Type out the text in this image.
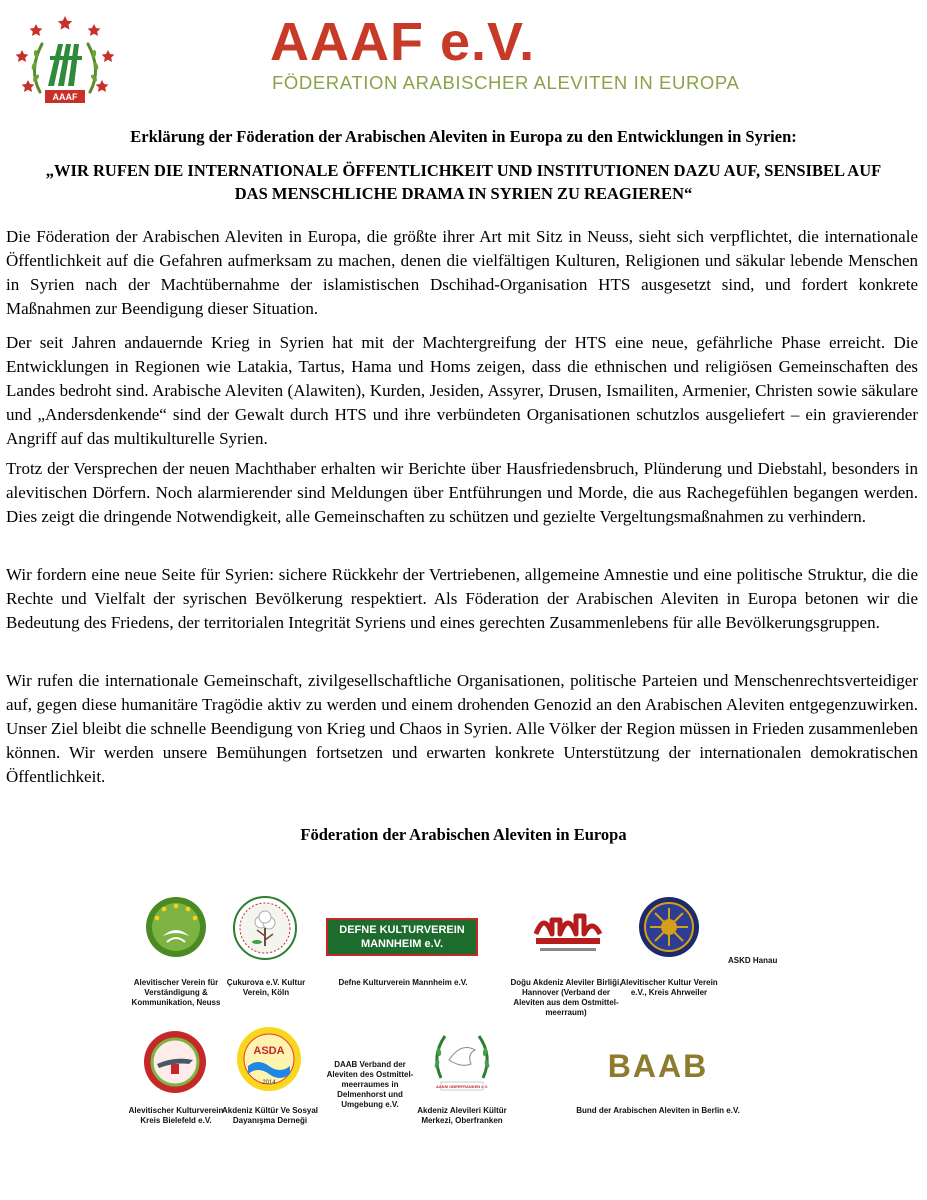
AAAF
AAAF e.V.

FÖDERATION ARABISCHER ALEVITEN IN EUROPA

Erklärung der Föderation der Arabischen Aleviten in Europa zu den Entwicklungen in Syrien:
„WIR RUFEN DIE INTERNATIONALE ÖFFENTLICHKEIT UND INSTITUTIONEN DAZU AUF, SENSIBEL AUF DAS MENSCHLICHE DRAMA IN SYRIEN ZU REAGIEREN“

Die Föderation der Arabischen Aleviten in Europa, die größte ihrer Art mit Sitz in Neuss, sieht sich verpflichtet, die internationale Öffentlichkeit auf die Gefahren aufmerksam zu machen, denen die vielfältigen Kulturen, Religionen und säkular lebende Menschen in Syrien nach der Machtübernahme der islamistischen Dschihad-Organisation HTS ausgesetzt sind, und fordert konkrete Maßnahmen zur Beendigung dieser Situation.

Der seit Jahren andauernde Krieg in Syrien hat mit der Machtergreifung der HTS eine neue, gefährliche Phase erreicht. Die Entwicklungen in Regionen wie Latakia, Tartus, Hama und Homs zeigen, dass die ethnischen und religiösen Gemeinschaften des Landes bedroht sind. Arabische Aleviten (Alawiten), Kurden, Jesiden, Assyrer, Drusen, Ismailiten, Armenier, Christen sowie säkulare und „Andersdenkende“ sind der Gewalt durch HTS und ihre verbündeten Organisationen schutzlos ausgeliefert – ein gravierender Angriff auf das multikulturelle Syrien.

Trotz der Versprechen der neuen Machthaber erhalten wir Berichte über Hausfriedensbruch, Plünderung und Diebstahl, besonders in alevitischen Dörfern. Noch alarmierender sind Meldungen über Entführungen und Morde, die aus Rachegefühlen begangen werden. Dies zeigt die dringende Notwendigkeit, alle Gemeinschaften zu schützen und gezielte Vergeltungsmaßnahmen zu verhindern.

Wir fordern eine neue Seite für Syrien: sichere Rückkehr der Vertriebenen, allgemeine Amnestie und eine politische Struktur, die die Rechte und Vielfalt der syrischen Bevölkerung respektiert. Als Föderation der Arabischen Aleviten in Europa betonen wir die Bedeutung des Friedens, der territorialen Integrität Syriens und eines gerechten Zusammenlebens für alle Bevölkerungsgruppen.

Wir rufen die internationale Gemeinschaft, zivilgesellschaftliche Organisationen, politische Parteien und Menschenrechtsverteidiger auf, gegen diese humanitäre Tragödie aktiv zu werden und einem drohenden Genozid an den Arabischen Aleviten entgegenzuwirken. Unser Ziel bleibt die schnelle Beendigung von Krieg und Chaos in Syrien. Alle Völker der Region müssen in Frieden zusammenleben können. Wir werden unsere Bemühungen fortsetzen und erwarten konkrete Unterstützung der internationalen demokratischen Öffentlichkeit.

Föderation der Arabischen Aleviten in Europa

Alevitischer Verein für Verständigung & Kommunikation, Neuss
Çukurova e.V. Kultur Verein, Köln
DEFNE KULTURVEREIN
MANNHEIM e.V.
Defne Kulturverein Mannheim e.V.	Doğu Akdeniz Aleviler Birliği, Hannover (Verband der Aleviten aus dem Ostmittel-meerraum)
Alevitischer Kultur Verein e.V., Kreis Ahrweiler
ASKD Hanau
Alevitischer Kulturverein Kreis Bielefeld e.V.
ASDA
2014
Akdeniz Kültür Ve Sosyal Dayanışma Derneği
DAAB Verband der Aleviten des Ostmittel-meerraumes in Delmenhorst und Umgebung e.V.
AAKM OBERFRANKEN e.V.
Akdeniz Alevileri Kültür Merkezi, Oberfranken
BAAB
Bund der Arabischen Aleviten in Berlin e.V.
